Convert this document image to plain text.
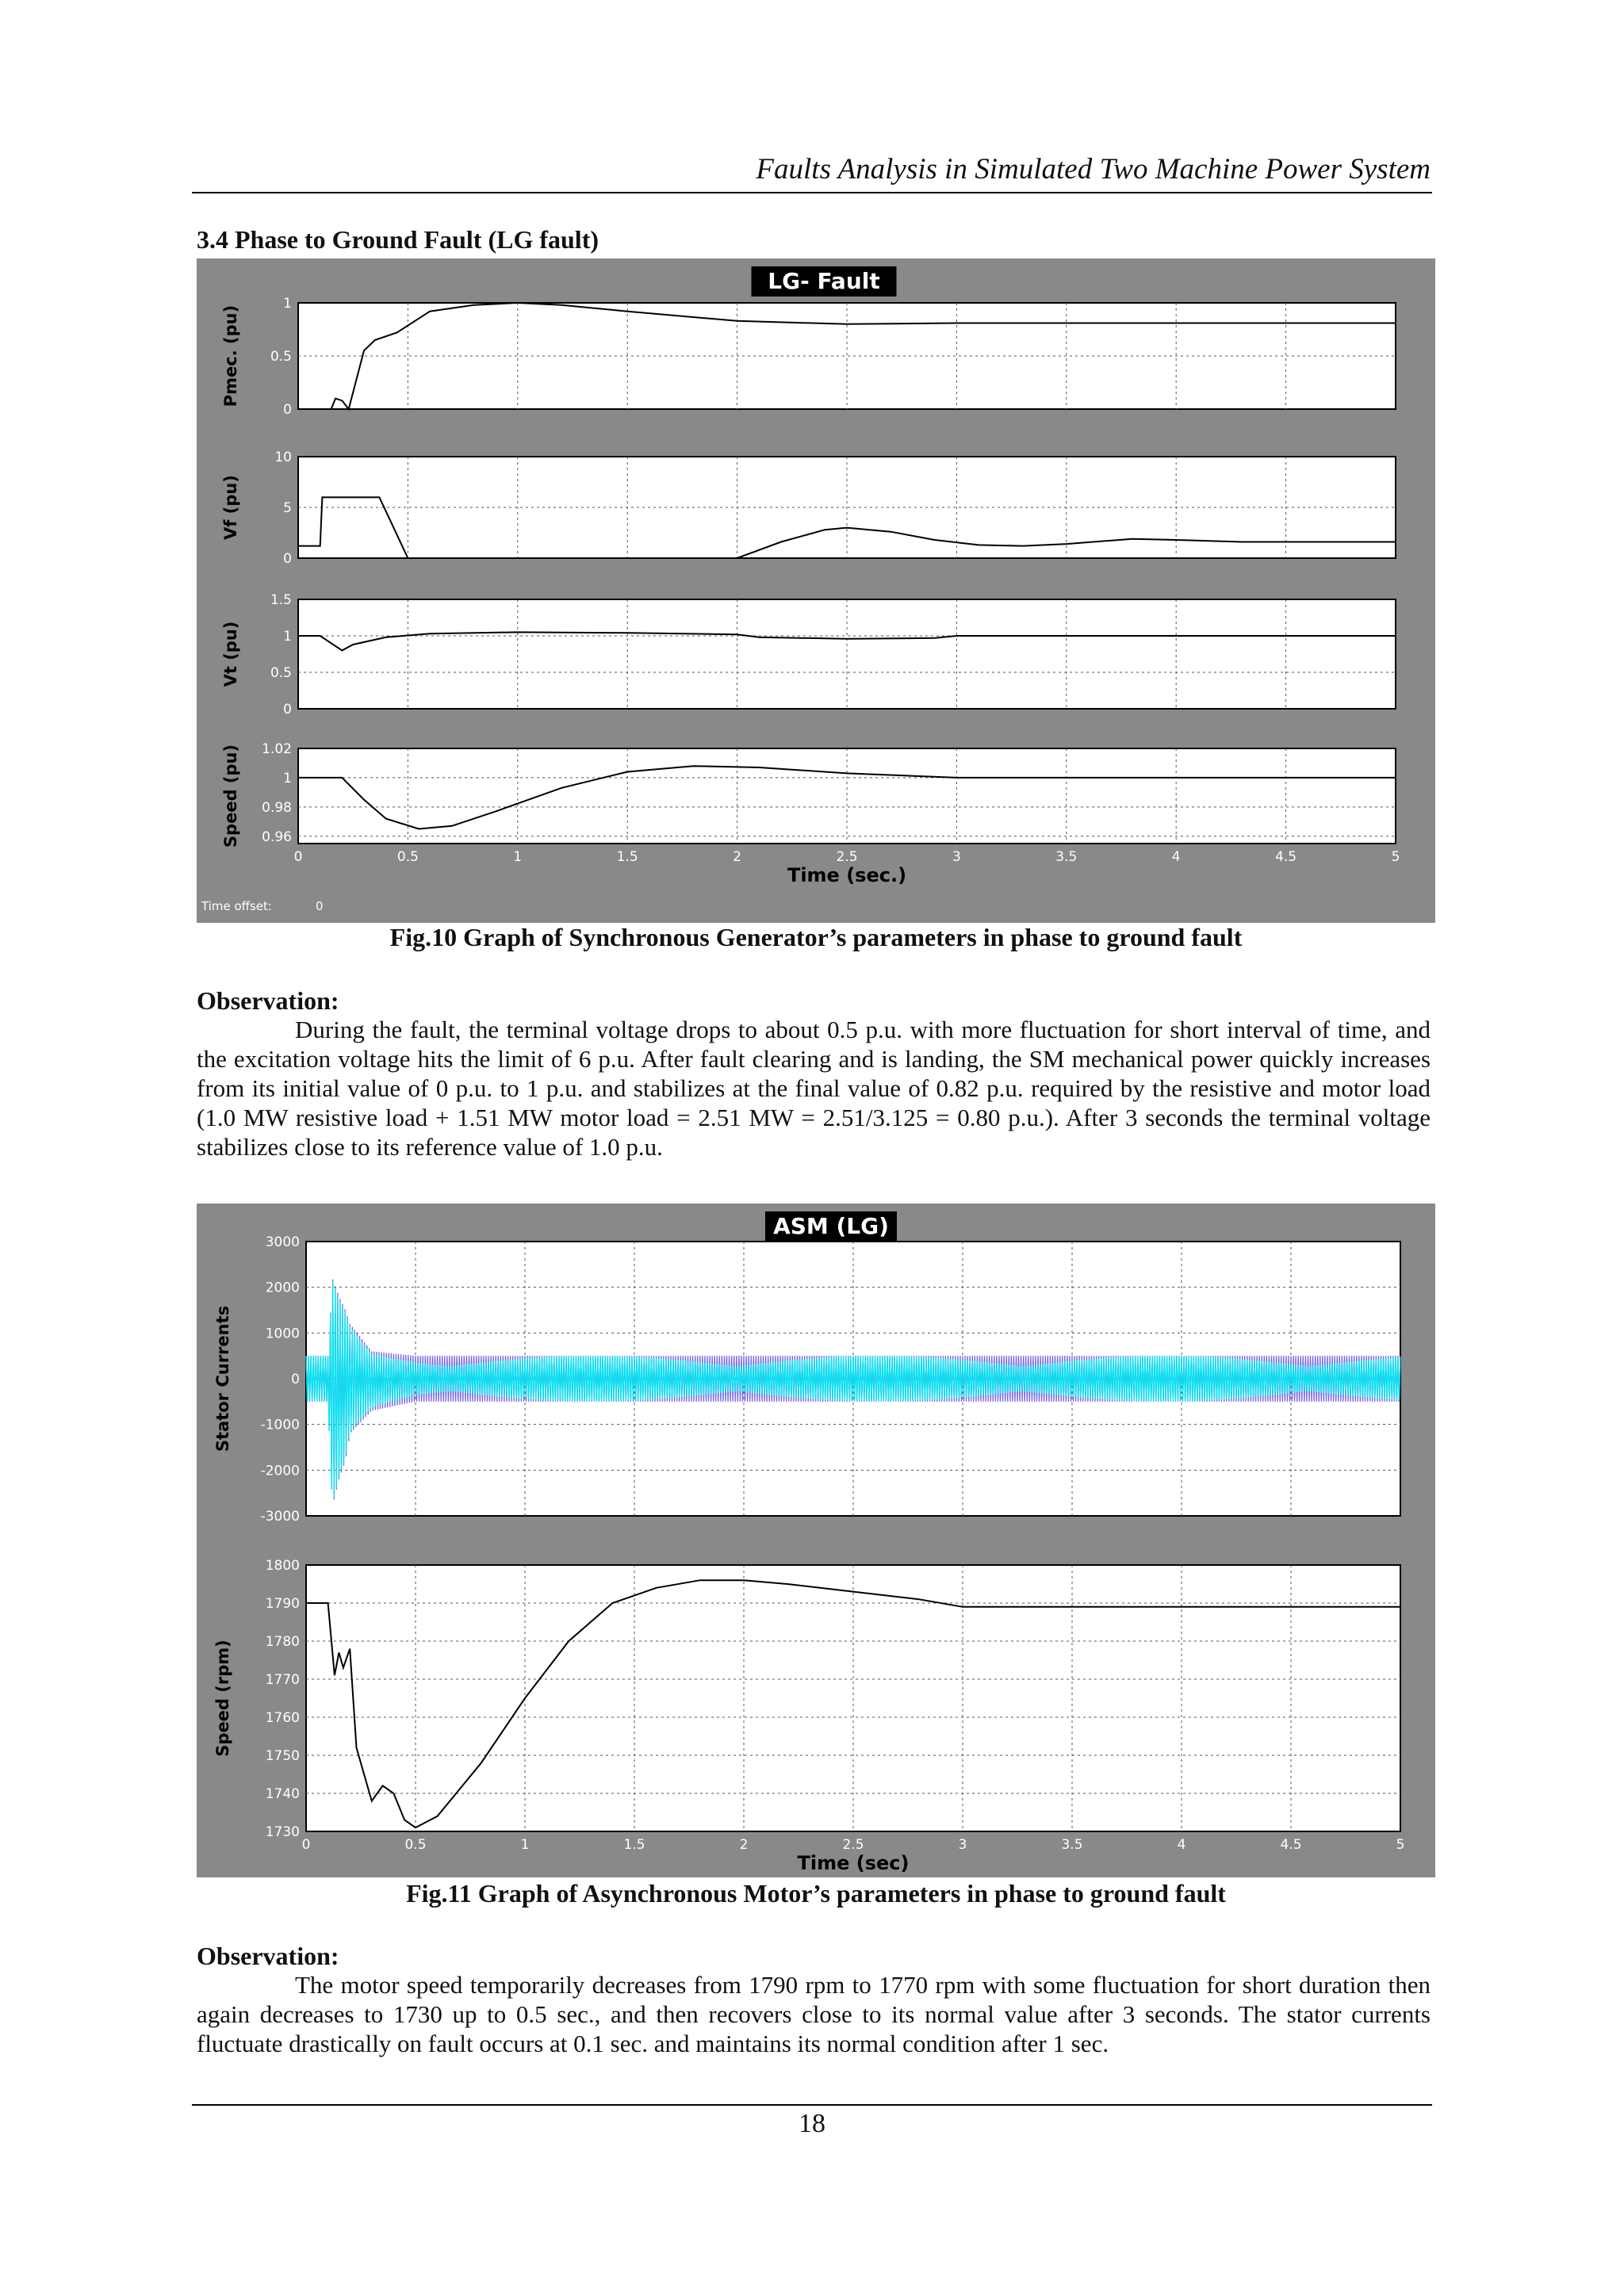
Faults Analysis in Simulated Two Machine Power System
3.4 Phase to Ground Fault (LG fault)
LG- Fault
0
0.5
1
Pmec. (pu)
0
5
10
Vf (pu)
0
0.5
1
1.5
Vt (pu)
0.96
0.98
1
1.02
Speed (pu)
0	0.5	1	1.5	2	2.5	3	3.5	4	4.5	5
Time (sec.)
Time offset:	0
Fig.10 Graph of Synchronous Generator’s parameters in phase to ground fault
Observation:
During the fault, the terminal voltage drops to about 0.5 p.u. with more fluctuation for short interval of time, and the excitation voltage hits the limit of 6 p.u. After fault clearing and is landing, the SM mechanical power quickly increases from its initial value of 0 p.u. to 1 p.u. and stabilizes at the final value of 0.82 p.u. required by the resistive and motor load (1.0 MW resistive load + 1.51 MW motor load = 2.51 MW = 2.51/3.125 = 0.80 p.u.). After 3 seconds the terminal voltage stabilizes close to its reference value of 1.0 p.u.
ASM (LG)
-3000
-2000
-1000
0
1000
2000
3000
Stator Currents
1730
1740
1750
1760
1770
1780
1790
1800
Speed (rpm)
0	0.5	1	1.5	2	2.5	3	3.5	4	4.5	5
Time (sec)
Fig.11 Graph of Asynchronous Motor’s parameters in phase to ground fault
Observation:
The motor speed temporarily decreases from 1790 rpm to 1770 rpm with some fluctuation for short duration then again decreases to 1730 up to 0.5 sec., and then recovers close to its normal value after 3 seconds. The stator currents fluctuate drastically on fault occurs at 0.1 sec. and maintains its normal condition after 1 sec.
18
